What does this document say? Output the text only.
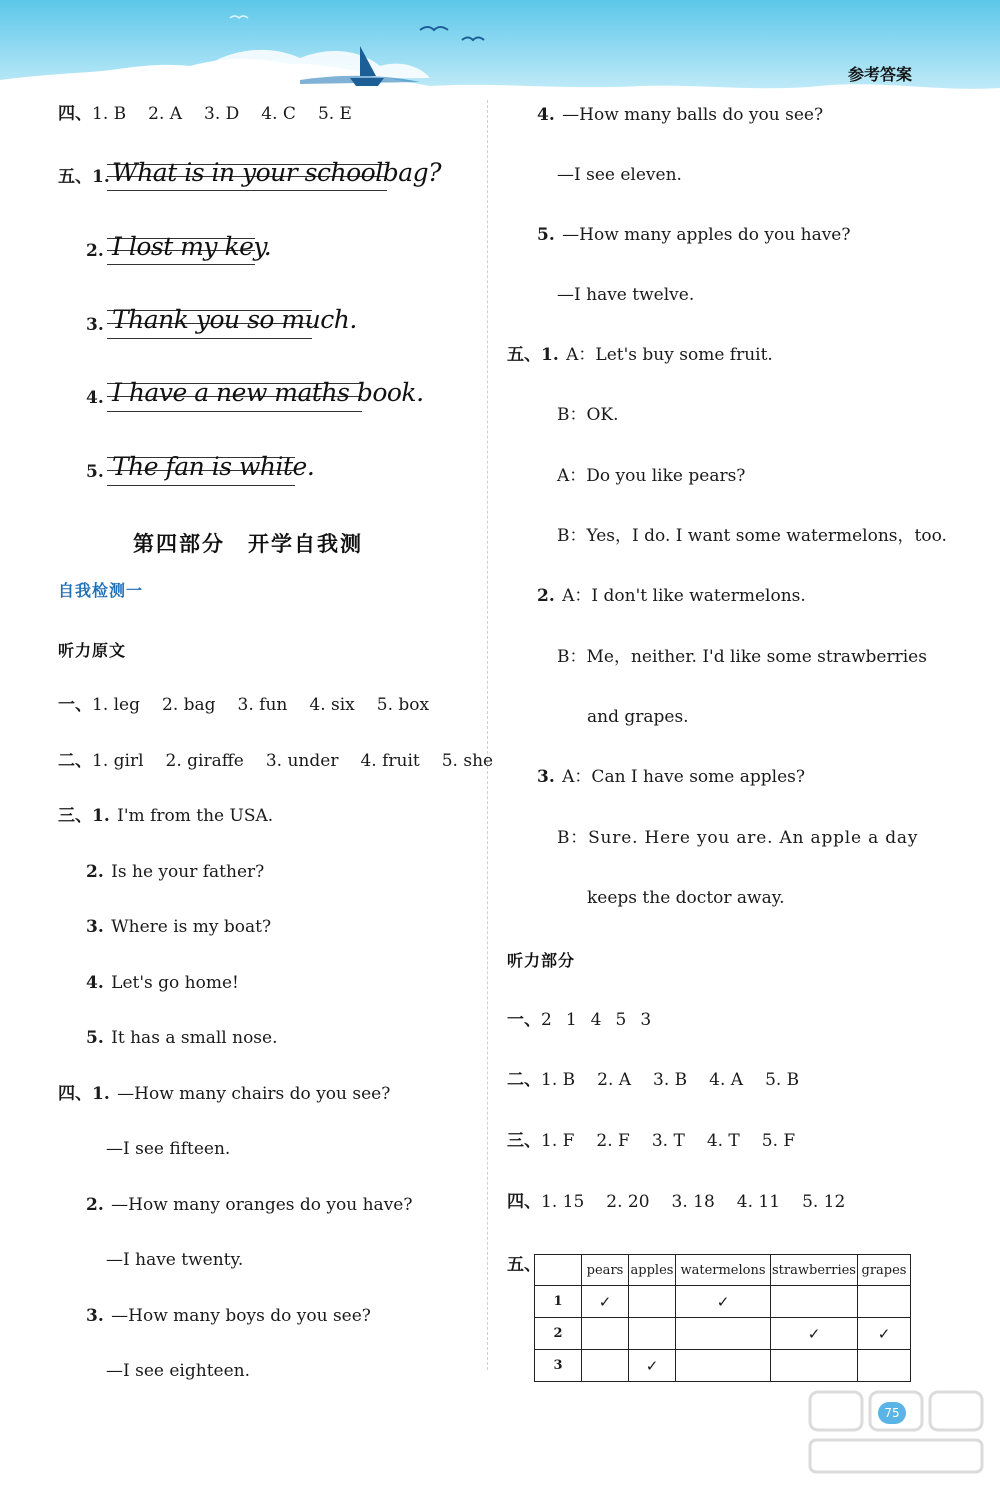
参考答案
四、1. B 2. A 3. D 4. C 5. E
五、1. What is in your schoolbag?
2. I lost my key.
3. Thank you so much.
4. I have a new maths book.
5. The fan is white.
第四部分　开学自我测
自我检测一
听力原文
一、1. leg 2. bag 3. fun 4. six 5. box
二、1. girl 2. giraffe 3. under 4. fruit 5. she
三、1. I'm from the USA.
2. Is he your father?
3. Where is my boat?
4. Let's go home!
5. It has a small nose.
四、1. —How many chairs do you see?
—I see fifteen.
2. —How many oranges do you have?
—I have twenty.
3. —How many boys do you see?
—I see eighteen.
4. —How many balls do you see?
—I see eleven.
5. —How many apples do you have?
—I have twelve.
五、1. A：Let's buy some fruit.
B：OK.
A：Do you like pears?
B：Yes，I do. I want some watermelons，too.
2. A：I don't like watermelons.
B：Me，neither. I'd like some strawberries
and grapes.
3. A：Can I have some apples?
B：Sure. Here you are. An apple a day
keeps the doctor away.
听力部分
一、2 1 4 5 3
二、1. B 2. A 3. B 4. A 5. B
三、1. F 2. F 3. T 4. T 5. F
四、1. 15 2. 20 3. 18 4. 11 5. 12
五、
		pears	apples	watermelons	strawberries	grapes
1	✓		✓		
2				✓	✓
3		✓			
75
